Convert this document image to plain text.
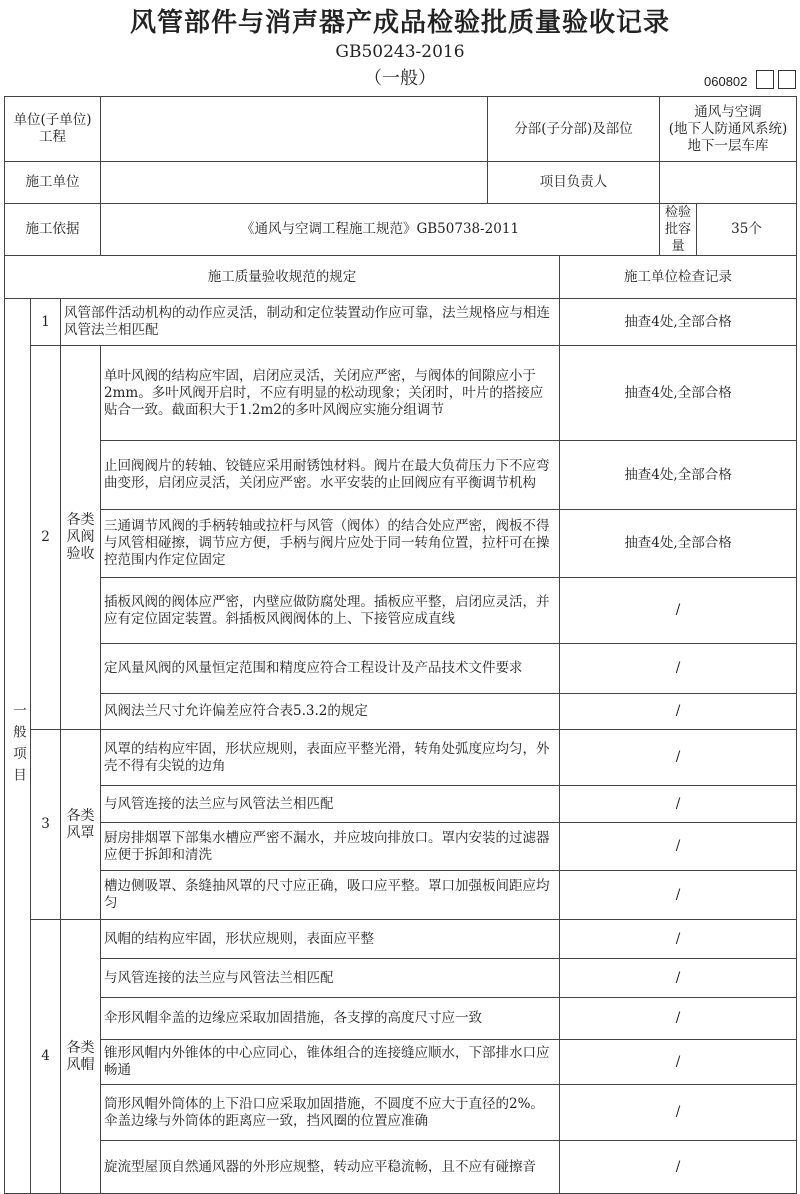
风管部件与消声器产成品检验批质量验收记录
GB50243-2016
（一般）	060802
单位(子单位)工程				分部(子分部)及部位		通风与空调
(地下人防通风系统)
地下一层车库	

施工单位				项目负责人			
施工依据			《通风与空调工程施工规范》GB50738-2011			检验批容量	35个
施工质量验收规范的规定					施工单位检查记录		
一般项目	1	风管部件活动机构的动作应灵活，制动和定位装置动作应可靠，法兰规格应与相连风管法兰相匹配			抽查4处,全部合格		
	2	各类风阀验收	单叶风阀的结构应牢固，启闭应灵活，关闭应严密，与阀体的间隙应小于2mm。多叶风阀开启时，不应有明显的松动现象；关闭时，叶片的搭接应贴合一致。截面积大于1.2m2的多叶风阀应实施分组调节		抽查4处,全部合格		
			止回阀阀片的转轴、铰链应采用耐锈蚀材料。阀片在最大负荷压力下不应弯曲变形，启闭应灵活，关闭应严密。水平安装的止回阀应有平衡调节机构		抽查4处,全部合格		
			三通调节风阀的手柄转轴或拉杆与风管（阀体）的结合处应严密，阀板不得与风管相碰擦，调节应方便，手柄与阀片应处于同一转角位置，拉杆可在操控范围内作定位固定		抽查4处,全部合格		
			插板风阀的阀体应严密，内壁应做防腐处理。插板应平整，启闭应灵活，并应有定位固定装置。斜插板风阀阀体的上、下接管应成直线		/		
			定风量风阀的风量恒定范围和精度应符合工程设计及产品技术文件要求		/		
			风阀法兰尺寸允许偏差应符合表5.3.2的规定		/		
	3	各类风罩	风罩的结构应牢固，形状应规则，表面应平整光滑，转角处弧度应均匀，外壳不得有尖锐的边角		/		
			与风管连接的法兰应与风管法兰相匹配		/		
			厨房排烟罩下部集水槽应严密不漏水，并应坡向排放口。罩内安装的过滤器应便于拆卸和清洗		/		
			槽边侧吸罩、条缝抽风罩的尺寸应正确，吸口应平整。罩口加强板间距应均匀		/		
	4	各类风帽	风帽的结构应牢固，形状应规则，表面应平整		/		
			与风管连接的法兰应与风管法兰相匹配		/		
			伞形风帽伞盖的边缘应采取加固措施，各支撑的高度尺寸应一致		/		
			锥形风帽内外锥体的中心应同心，锥体组合的连接缝应顺水，下部排水口应畅通		/		
			筒形风帽外筒体的上下沿口应采取加固措施，不圆度不应大于直径的2%。伞盖边缘与外筒体的距离应一致，挡风圈的位置应准确		/		
			旋流型屋顶自然通风器的外形应规整，转动应平稳流畅，且不应有碰擦音		/		
